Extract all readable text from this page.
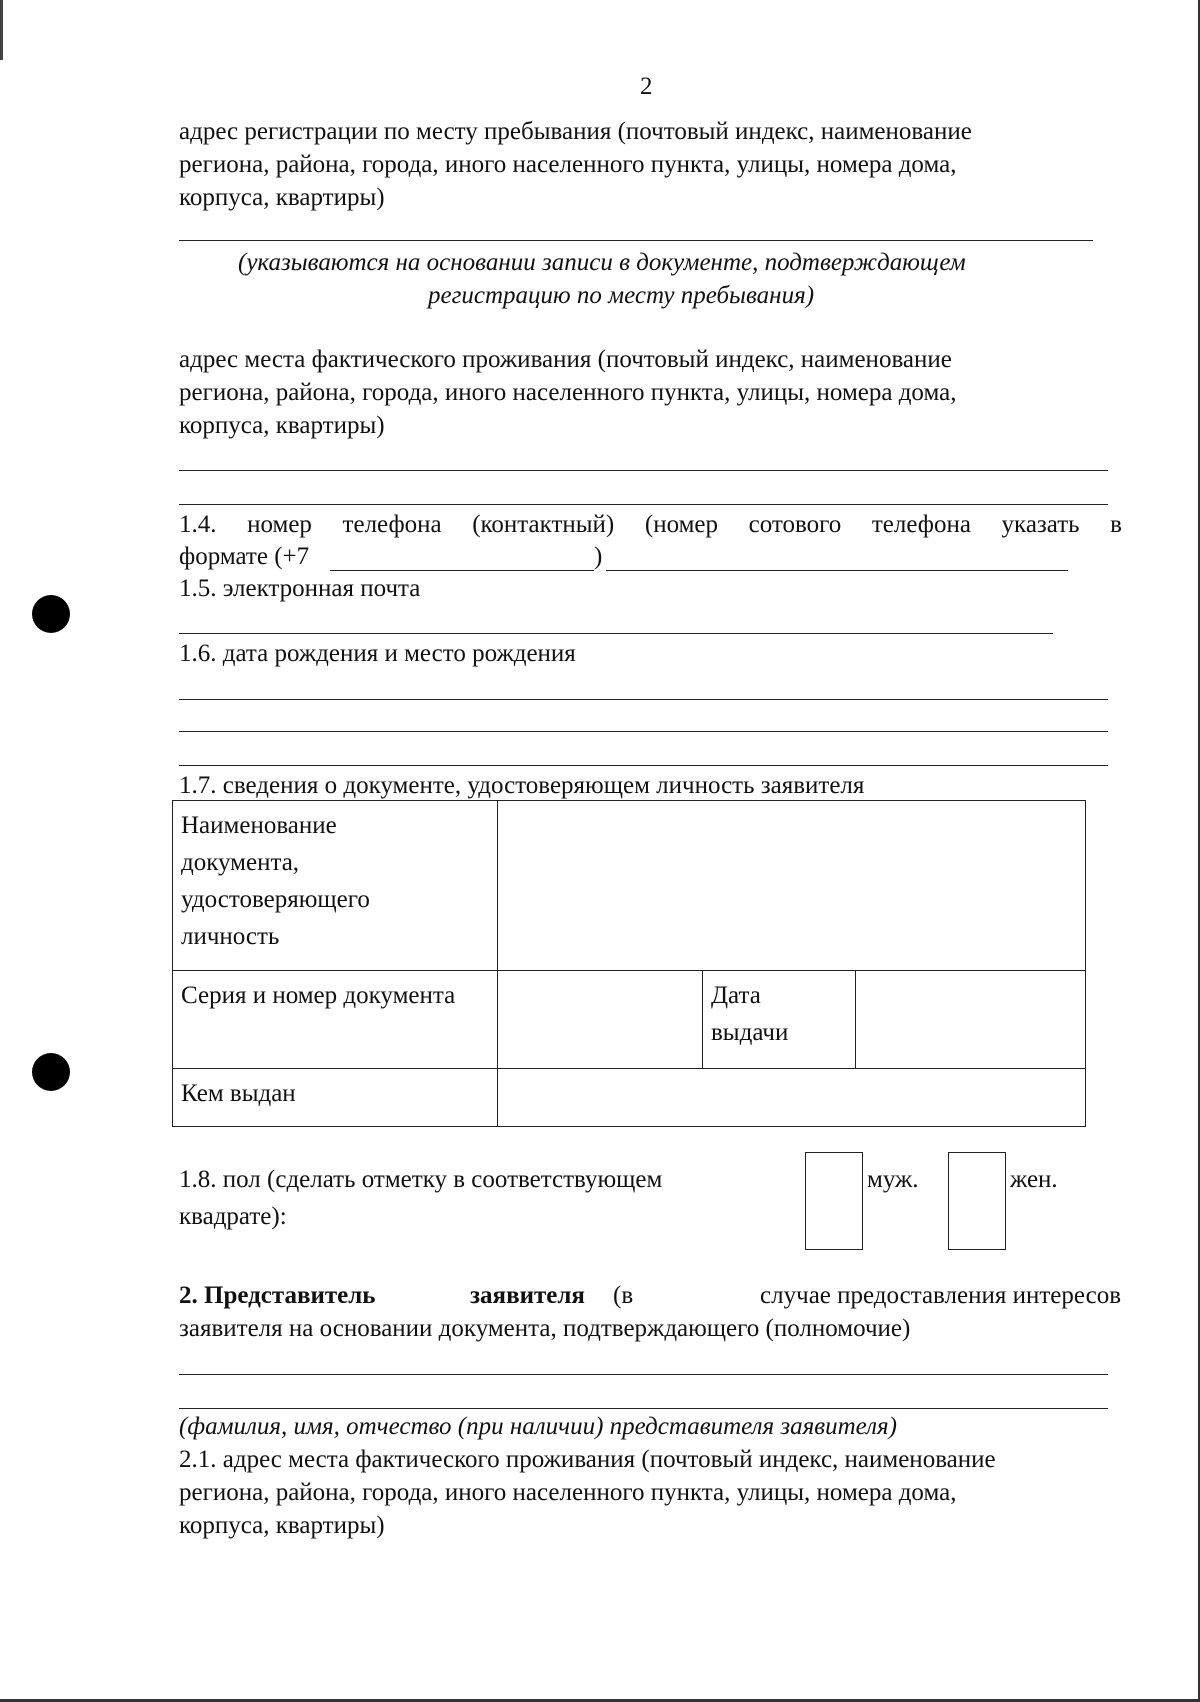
2
адрес регистрации по месту пребывания (почтовый индекс, наименование
региона, района, города, иного населенного пункта, улицы, номера дома,
корпуса, квартиры)
(указываются на основании записи в документе, подтверждающем
регистрацию по месту пребывания)
адрес места фактического проживания (почтовый индекс, наименование
региона, района, города, иного населенного пункта, улицы, номера дома,
корпуса, квартиры)
1.4. номер телефона (контактный) (номер сотового телефона указать в
формате (+7	)
1.5. электронная почта
1.6. дата рождения и место рождения
1.7. сведения о документе, удостоверяющем личность заявителя
Наименование
документа,
удостоверяющего
личность			

Серия и номер документа		Дата
выдачи	

Кем выдан			

1.8. пол (сделать отметку в соответствующем
квадрате):
муж.	жен.
2. Представитель	заявителя (в	случае предоставления интересов
заявителя на основании документа, подтверждающего (полномочие)
(фамилия, имя, отчество (при наличии) представителя заявителя)
2.1. адрес места фактического проживания (почтовый индекс, наименование
региона, района, города, иного населенного пункта, улицы, номера дома,
корпуса, квартиры)
